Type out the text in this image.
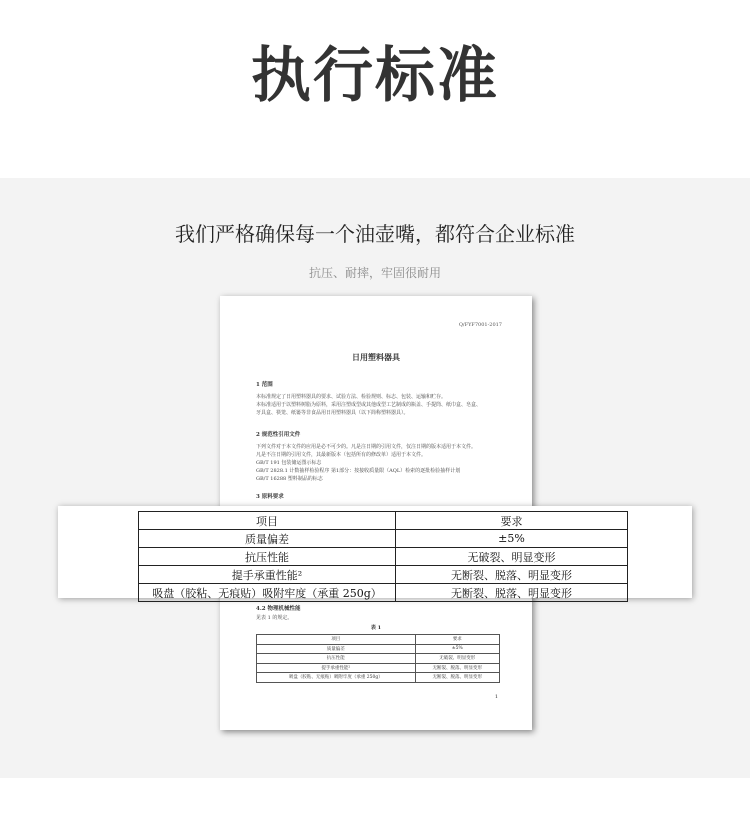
执行标准
我们严格确保每一个油壶嘴，都符合企业标准
抗压、耐摔，牢固很耐用
Q/FYF7001-2017
日用塑料器具
1 范围
本标准规定了日用塑料器具的要求、试验方法、检验规则、标志、包装、运输和贮存。
本标准适用于以塑料树脂为原料，采用注塑成型或其他成型工艺制成的瓶盖、手提筒、纸巾盒、皂盒、
牙具盒、筷笼、纸篓等非食品用日用塑料器具（以下简称塑料器具）。
2 规范性引用文件
下列文件对于本文件的应用是必不可少的。凡是注日期的引用文件，仅注日期的版本适用于本文件。
凡是不注日期的引用文件，其最新版本（包括所有的修改单）适用于本文件。
GB/T 191 包装储运图示标志
GB/T 2828.1 计数抽样检验程序 第1部分：按接收质量限（AQL）检索的逐批检验抽样计划
GB/T 16288 塑料制品的标志
3 原料要求
4.2 物理机械性能
见表 1 的规定。
表 1
项目	要求
质量偏差	±5%
抗压性能	无破裂、明显变形
提手承重性能²	无断裂、脱落、明显变形
吸盘（胶粘、无痕贴）吸附牢度（承重 250g）	无断裂、脱落、明显变形
1
项目	要求
质量偏差	±5%
抗压性能	无破裂、明显变形
提手承重性能²	无断裂、脱落、明显变形
吸盘（胶粘、无痕贴）吸附牢度（承重 250g）	无断裂、脱落、明显变形
